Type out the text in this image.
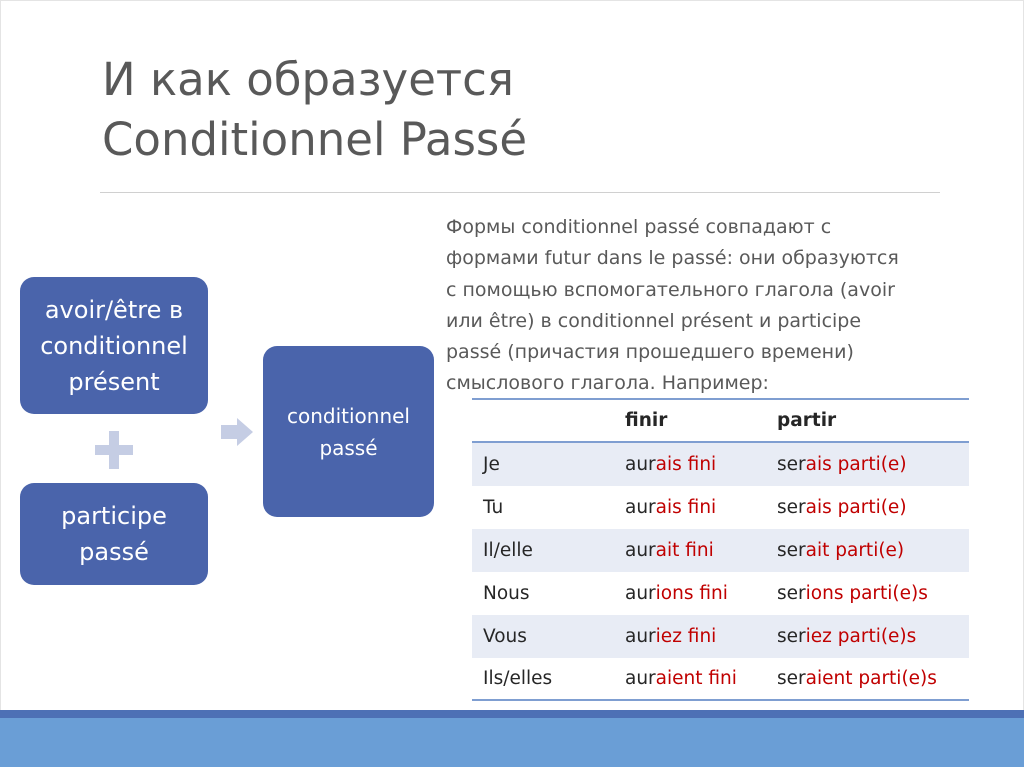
И как образуется
Conditionnel Passé
avoir/être в
conditionnel
présent
participe
passé
conditionnel
passé

Формы conditionnel passé совпадают с
формами futur dans le passé: они образуются
с помощью вспомогательного глагола (avoir
или être) в conditionnel présent и participe
passé (причастия прошедшего времени)
смыслового глагола. Например:

	finir	partir
Je	aurais fini	serais parti(e)
Tu	aurais fini	serais parti(e)
Il/elle	aurait fini	serait parti(e)
Nous	aurions fini	serions parti(e)s
Vous	auriez fini	seriez parti(e)s
Ils/elles	auraient fini	seraient parti(e)s
